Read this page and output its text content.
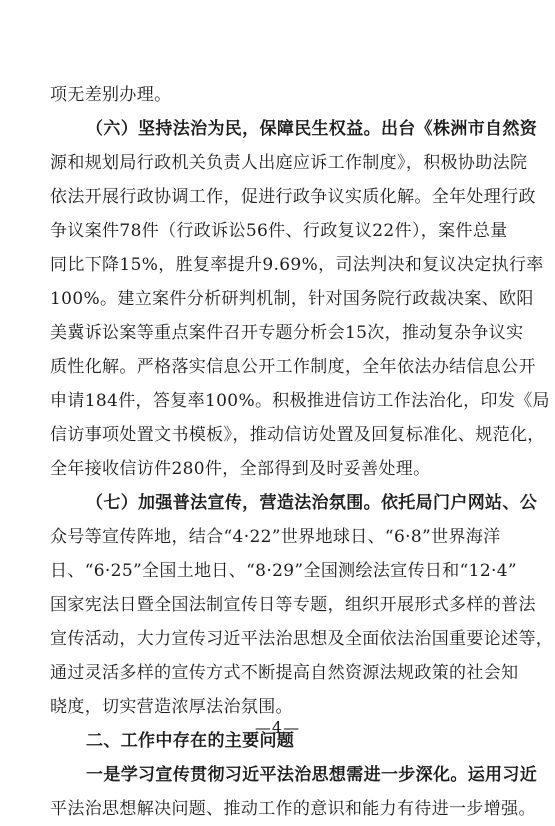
项无差别办理。
（六）坚持法治为民，保障民生权益。出台《株洲市自然资
源和规划局行政机关负责人出庭应诉工作制度》，积极协助法院
依法开展行政协调工作，促进行政争议实质化解。全年处理行政
争议案件78件（行政诉讼56件、行政复议22件），案件总量
同比下降15%，胜复率提升9.69%，司法判决和复议决定执行率
100%。建立案件分析研判机制，针对国务院行政裁决案、欧阳
美冀诉讼案等重点案件召开专题分析会15次，推动复杂争议实
质性化解。严格落实信息公开工作制度，全年依法办结信息公开
申请184件，答复率100%。积极推进信访工作法治化，印发《局
信访事项处置文书模板》，推动信访处置及回复标准化、规范化，
全年接收信访件280件，全部得到及时妥善处理。
（七）加强普法宣传，营造法治氛围。依托局门户网站、公
众号等宣传阵地，结合“4·22”世界地球日、“6·8”世界海洋
日、“6·25”全国土地日、“8·29”全国测绘法宣传日和“12·4”
国家宪法日暨全国法制宣传日等专题，组织开展形式多样的普法
宣传活动，大力宣传习近平法治思想及全面依法治国重要论述等，
通过灵活多样的宣传方式不断提高自然资源法规政策的社会知
晓度，切实营造浓厚法治氛围。
二、工作中存在的主要问题
一是学习宣传贯彻习近平法治思想需进一步深化。运用习近
平法治思想解决问题、推动工作的意识和能力有待进一步增强。
—4—
